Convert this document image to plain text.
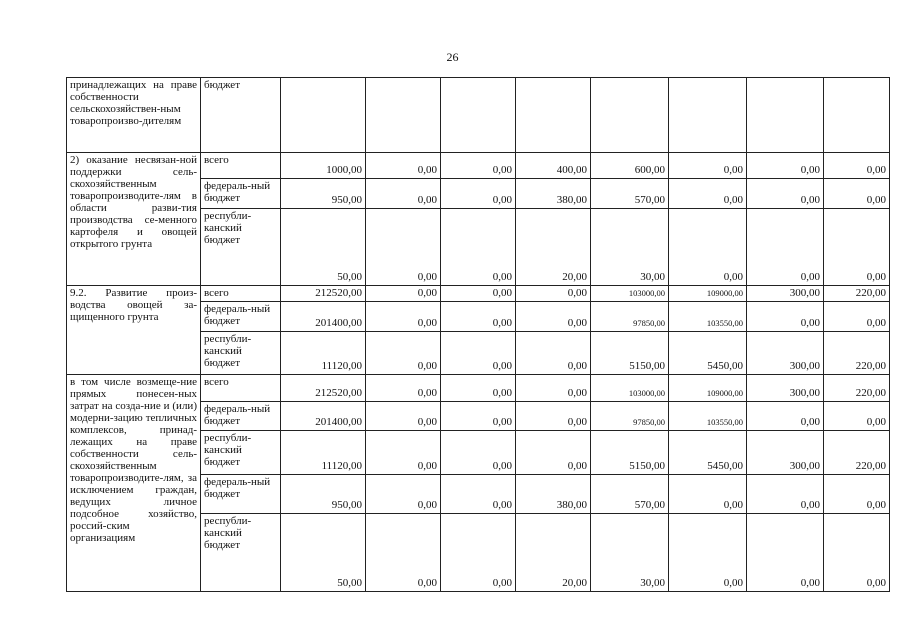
26
принадлежащих на праве собственности сельскохозяйствен-ным товаропроизво-дителям	бюджет								
2) оказание несвязан-ной поддержки сель-скохозяйственным товаропроизводите-лям в области разви-тия производства се-менного картофеля и овощей открытого грунта	всего	1000,00	0,00	0,00	400,00	600,00	0,00	0,00	0,00
	федераль-ный бюджет	950,00	0,00	0,00	380,00	570,00	0,00	0,00	0,00
	республи-канский бюджет	50,00	0,00	0,00	20,00	30,00	0,00	0,00	0,00
9.2. Развитие произ-водства овощей за-щищенного грунта	всего	212520,00	0,00	0,00	0,00	103000,00	109000,00	300,00	220,00
	федераль-ный бюджет	201400,00	0,00	0,00	0,00	97850,00	103550,00	0,00	0,00
	республи-канский бюджет	11120,00	0,00	0,00	0,00	5150,00	5450,00	300,00	220,00
в том числе возмеще-ние прямых понесен-ных затрат на созда-ние и (или) модерни-зацию тепличных комплексов, принад-лежащих на праве собственности сель-скохозяйственным товаропроизводите-лям, за исключением граждан, ведущих личное подсобное хозяйство, россий-ским организациям	всего	212520,00	0,00	0,00	0,00	103000,00	109000,00	300,00	220,00
	федераль-ный бюджет	201400,00	0,00	0,00	0,00	97850,00	103550,00	0,00	0,00
	республи-канский бюджет	11120,00	0,00	0,00	0,00	5150,00	5450,00	300,00	220,00
	федераль-ный бюджет	950,00	0,00	0,00	380,00	570,00	0,00	0,00	0,00
	республи-канский бюджет	50,00	0,00	0,00	20,00	30,00	0,00	0,00	0,00
